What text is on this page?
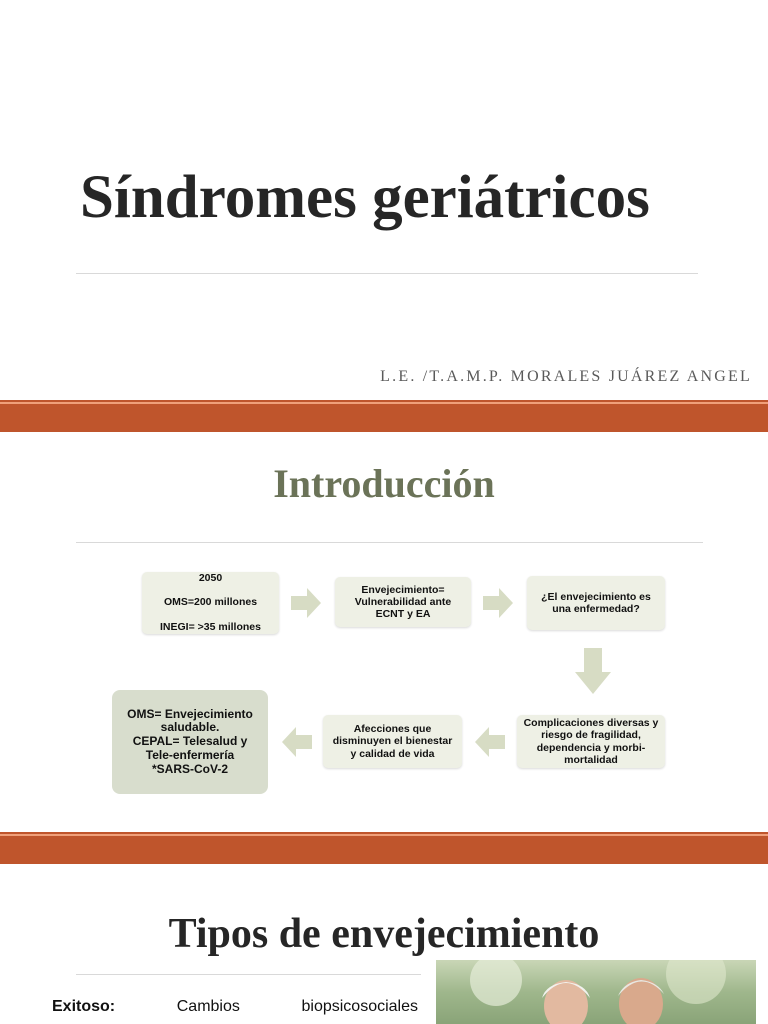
Síndromes geriátricos
L.E. /T.A.M.P. MORALES JUÁREZ ANGEL
Introducción
2050
OMS=200 millones
INEGI= >35 millones
Envejecimiento= Vulnerabilidad ante ECNT y EA
¿El envejecimiento es una enfermedad?
Complicaciones diversas y riesgo de fragilidad, dependencia y morbi-mortalidad
Afecciones que disminuyen el bienestar y calidad de vida
OMS= Envejecimiento saludable.
CEPAL= Telesalud y Tele-enfermería
*SARS-CoV-2
Tipos de envejecimiento
Exitoso:	Cambios	biopsicosociales
